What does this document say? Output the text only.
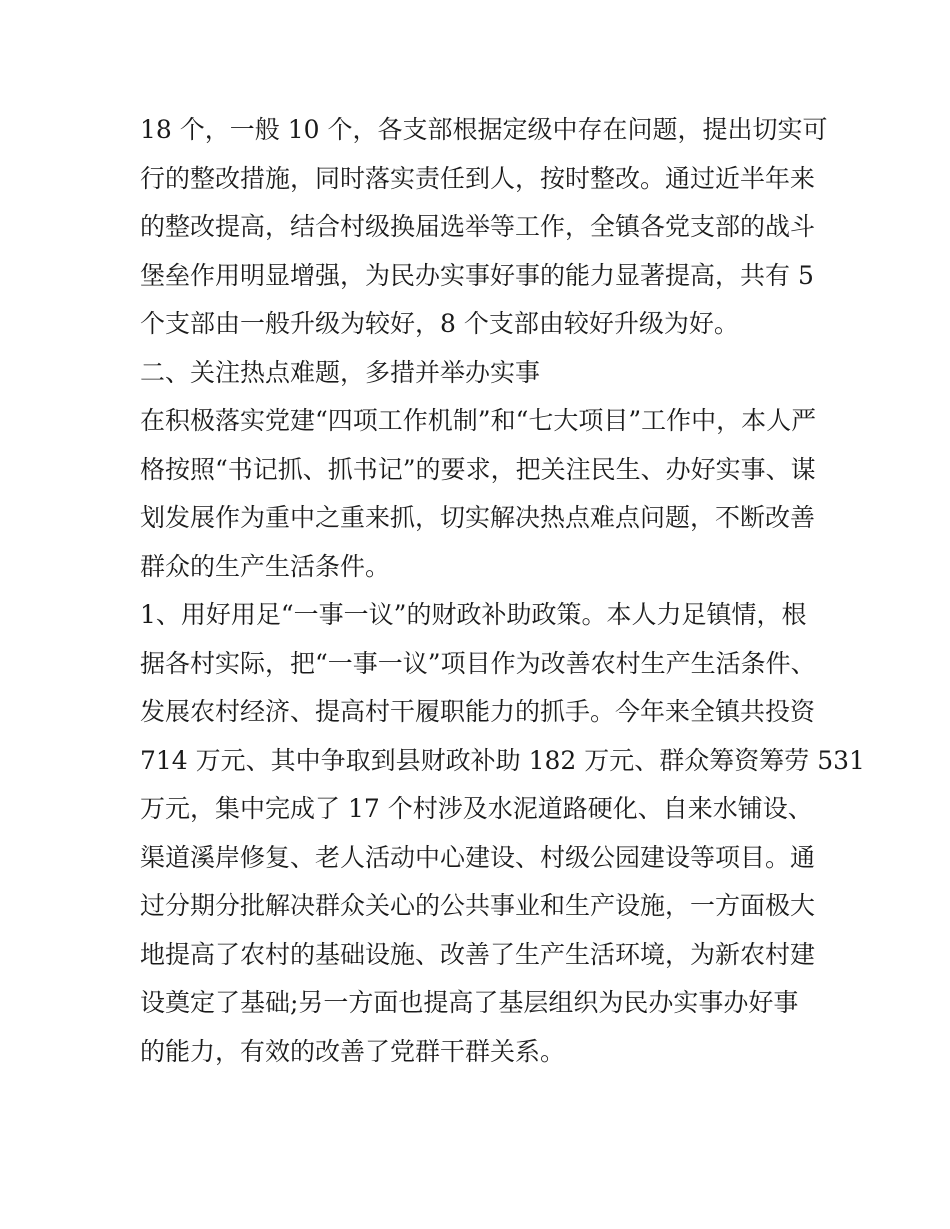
18 个，一般 10 个，各支部根据定级中存在问题，提出切实可
行的整改措施，同时落实责任到人，按时整改。通过近半年来
的整改提高，结合村级换届选举等工作，全镇各党支部的战斗
堡垒作用明显增强，为民办实事好事的能力显著提高，共有 5
个支部由一般升级为较好，8 个支部由较好升级为好。
二、关注热点难题，多措并举办实事
在积极落实党建“四项工作机制”和“七大项目”工作中，本人严
格按照“书记抓、抓书记”的要求，把关注民生、办好实事、谋
划发展作为重中之重来抓，切实解决热点难点问题，不断改善
群众的生产生活条件。
1、用好用足“一事一议”的财政补助政策。本人力足镇情，根
据各村实际，把“一事一议”项目作为改善农村生产生活条件、
发展农村经济、提高村干履职能力的抓手。今年来全镇共投资
714 万元、其中争取到县财政补助 182 万元、群众筹资筹劳 531
万元，集中完成了 17 个村涉及水泥道路硬化、自来水铺设、
渠道溪岸修复、老人活动中心建设、村级公园建设等项目。通
过分期分批解决群众关心的公共事业和生产设施，一方面极大
地提高了农村的基础设施、改善了生产生活环境，为新农村建
设奠定了基础;另一方面也提高了基层组织为民办实事办好事
的能力，有效的改善了党群干群关系。
